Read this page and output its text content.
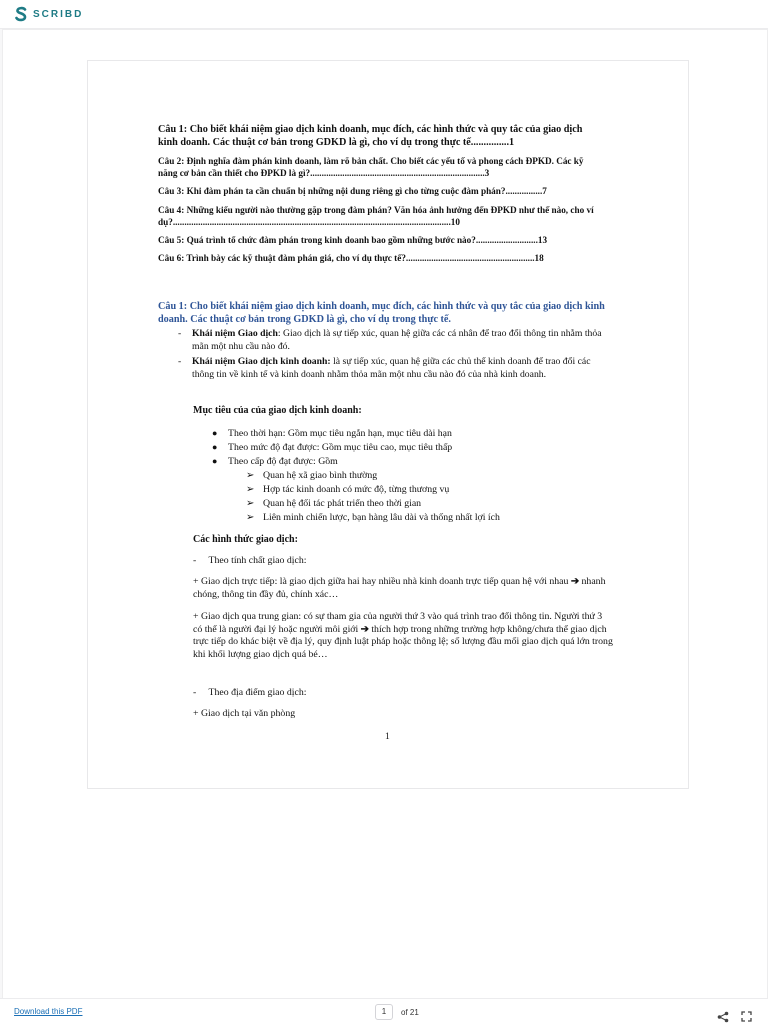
SCRIBD
Câu 1: Cho biết khái niệm giao dịch kinh doanh, mục đích, các hình thức và quy tắc của giao dịch kinh doanh. Các thuật cơ bản trong GDKD là gì, cho ví dụ trong thực tế...............1
Câu 2: Định nghĩa đàm phán kinh doanh, làm rõ bản chất. Cho biết các yếu tố và phong cách ĐPKD. Các kỹ năng cơ bản cần thiết cho ĐPKD là gì?............................................................................3
Câu 3: Khi đàm phán ta cần chuẩn bị những nội dung riêng gì cho từng cuộc đàm phán?................7
Câu 4: Những kiểu người nào thường gặp trong đàm phán? Văn hóa ảnh hưởng đến ĐPKD như thế nào, cho ví dụ?.........................................................................................................................10
Câu 5: Quá trình tổ chức đàm phán trong kinh doanh bao gồm những bước nào?...........................13
Câu 6: Trình bày các kỹ thuật đàm phán giá, cho ví dụ thực tế?........................................................18
Câu 1: Cho biết khái niệm giao dịch kinh doanh, mục đích, các hình thức và quy tắc của giao dịch kinh doanh. Các thuật cơ bản trong GDKD là gì, cho ví dụ trong thực tế.
- Khái niệm Giao dịch: Giao dịch là sự tiếp xúc, quan hệ giữa các cá nhân để trao đổi thông tin nhằm thỏa mãn một nhu cầu nào đó.
- Khái niệm Giao dịch kinh doanh: là sự tiếp xúc, quan hệ giữa các chủ thể kinh doanh để trao đổi các thông tin về kinh tế và kinh doanh nhằm thỏa mãn một nhu cầu nào đó của nhà kinh doanh.
Mục tiêu của của giao dịch kinh doanh:
● Theo thời hạn: Gồm mục tiêu ngắn hạn, mục tiêu dài hạn
● Theo mức độ đạt được: Gồm mục tiêu cao, mục tiêu thấp
● Theo cấp độ đạt được: Gồm
➢ Quan hệ xã giao bình thường
➢ Hợp tác kinh doanh có mức độ, từng thương vụ
➢ Quan hệ đối tác phát triển theo thời gian
➢ Liên minh chiến lược, bạn hàng lâu dài và thống nhất lợi ích
Các hình thức giao dịch:
-     Theo tính chất giao dịch:
+ Giao dịch trực tiếp: là giao dịch giữa hai hay nhiều nhà kinh doanh trực tiếp quan hệ với nhau ➔ nhanh chóng, thông tin đầy đủ, chính xác…
+ Giao dịch qua trung gian: có sự tham gia của người thứ 3 vào quá trình trao đổi thông tin. Người thứ 3 có thể là người đại lý hoặc người môi giới ➔ thích hợp trong những trường hợp không/chưa thể giao dịch trực tiếp do khác biệt về địa lý, quy định luật pháp hoặc thông lệ; số lượng đầu mối giao dịch quá lớn trong khi khối lượng giao dịch quá bé…
-     Theo địa điểm giao dịch:
+ Giao dịch tại văn phòng
1
Download this PDF	1	of 21
